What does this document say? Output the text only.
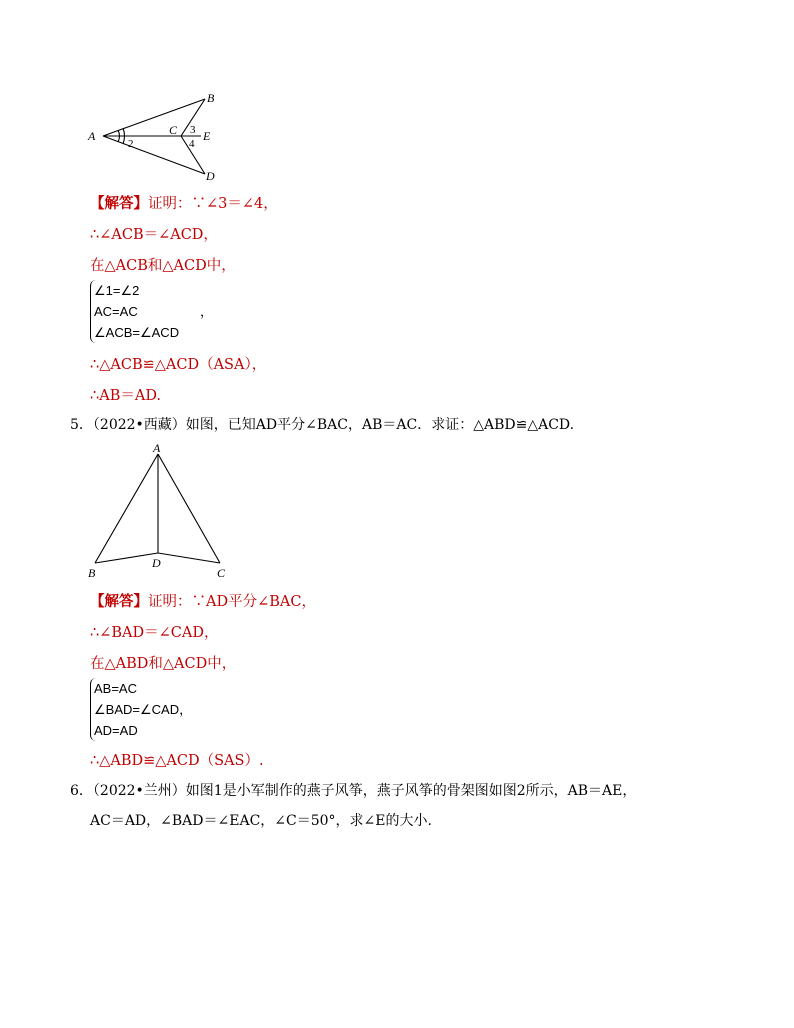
A
B
C
D
E
2
3
4
【解答】证明：∵∠3＝∠4，
∴∠ACB＝∠ACD，
在△ACB和△ACD中，
∠1=∠2
AC=AC
∠ACB=∠ACD
，
∴△ACB≌△ACD（ASA），
∴AB＝AD.
5．（2022•西藏）如图，已知AD平分∠BAC，AB＝AC．求证：△ABD≌△ACD.
A
B
D
C
【解答】证明：∵AD平分∠BAC，
∴∠BAD＝∠CAD，
在△ABD和△ACD中，
AB=AC
∠BAD=∠CAD，
AD=AD
∴△ABD≌△ACD（SAS）.
6．（2022•兰州）如图1是小军制作的燕子风筝，燕子风筝的骨架图如图2所示，AB＝AE，
AC＝AD，∠BAD＝∠EAC，∠C＝50°，求∠E的大小.
